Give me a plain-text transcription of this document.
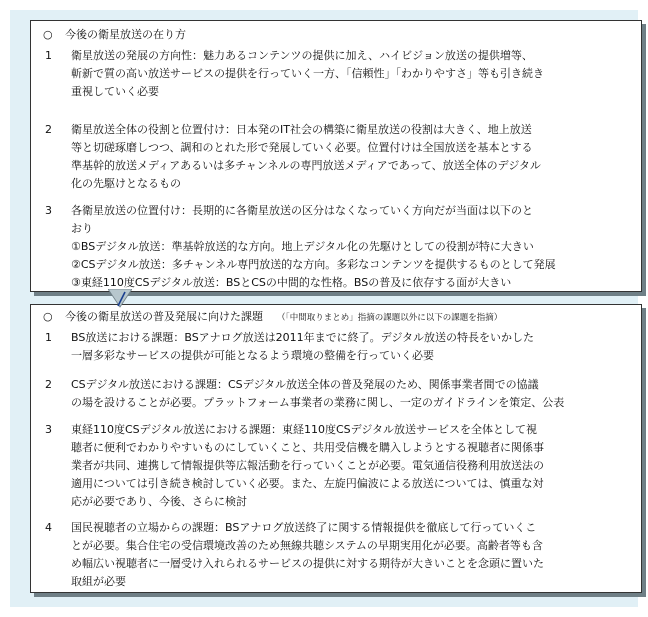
○ 今後の衛星放送の在り方
1	衛星放送の発展の方向性：魅力あるコンテンツの提供に加え、ハイビジョン放送の提供増等、
斬新で質の高い放送サービスの提供を行っていく一方、「信頼性」「わかりやすさ」等も引き続き
重視していく必要
2	衛星放送全体の役割と位置付け：日本発のIT社会の構築に衛星放送の役割は大きく、地上放送
等と切磋琢磨しつつ、調和のとれた形で発展していく必要。位置付けは全国放送を基本とする
準基幹的放送メディアあるいは多チャンネルの専門放送メディアであって、放送全体のデジタル
化の先駆けとなるもの
3	各衛星放送の位置付け：長期的に各衛星放送の区分はなくなっていく方向だが当面は以下のと
おり
①BSデジタル放送：準基幹放送的な方向。地上デジタル化の先駆けとしての役割が特に大きい
②CSデジタル放送：多チャンネル専門放送的な方向。多彩なコンテンツを提供するものとして発展
③東経110度CSデジタル放送：BSとCSの中間的な性格。BSの普及に依存する面が大きい
○ 今後の衛星放送の普及発展に向けた課題 （「中間取りまとめ」指摘の課題以外に以下の課題を指摘）
1	BS放送における課題：BSアナログ放送は2011年までに終了。デジタル放送の特長をいかした
一層多彩なサービスの提供が可能となるよう環境の整備を行っていく必要
2	CSデジタル放送における課題：CSデジタル放送全体の普及発展のため、関係事業者間での協議
の場を設けることが必要。プラットフォーム事業者の業務に関し、一定のガイドラインを策定、公表
3	東経110度CSデジタル放送における課題：東経110度CSデジタル放送サービスを全体として視
聴者に便利でわかりやすいものにしていくこと、共用受信機を購入しようとする視聴者に関係事
業者が共同、連携して情報提供等広報活動を行っていくことが必要。電気通信役務利用放送法の
適用については引き続き検討していく必要。また、左旋円偏波による放送については、慎重な対
応が必要であり、今後、さらに検討
4	国民視聴者の立場からの課題：BSアナログ放送終了に関する情報提供を徹底して行っていくこ
とが必要。集合住宅の受信環境改善のため無線共聴システムの早期実用化が必要。高齢者等も含
め幅広い視聴者に一層受け入れられるサービスの提供に対する期待が大きいことを念頭に置いた
取組が必要
